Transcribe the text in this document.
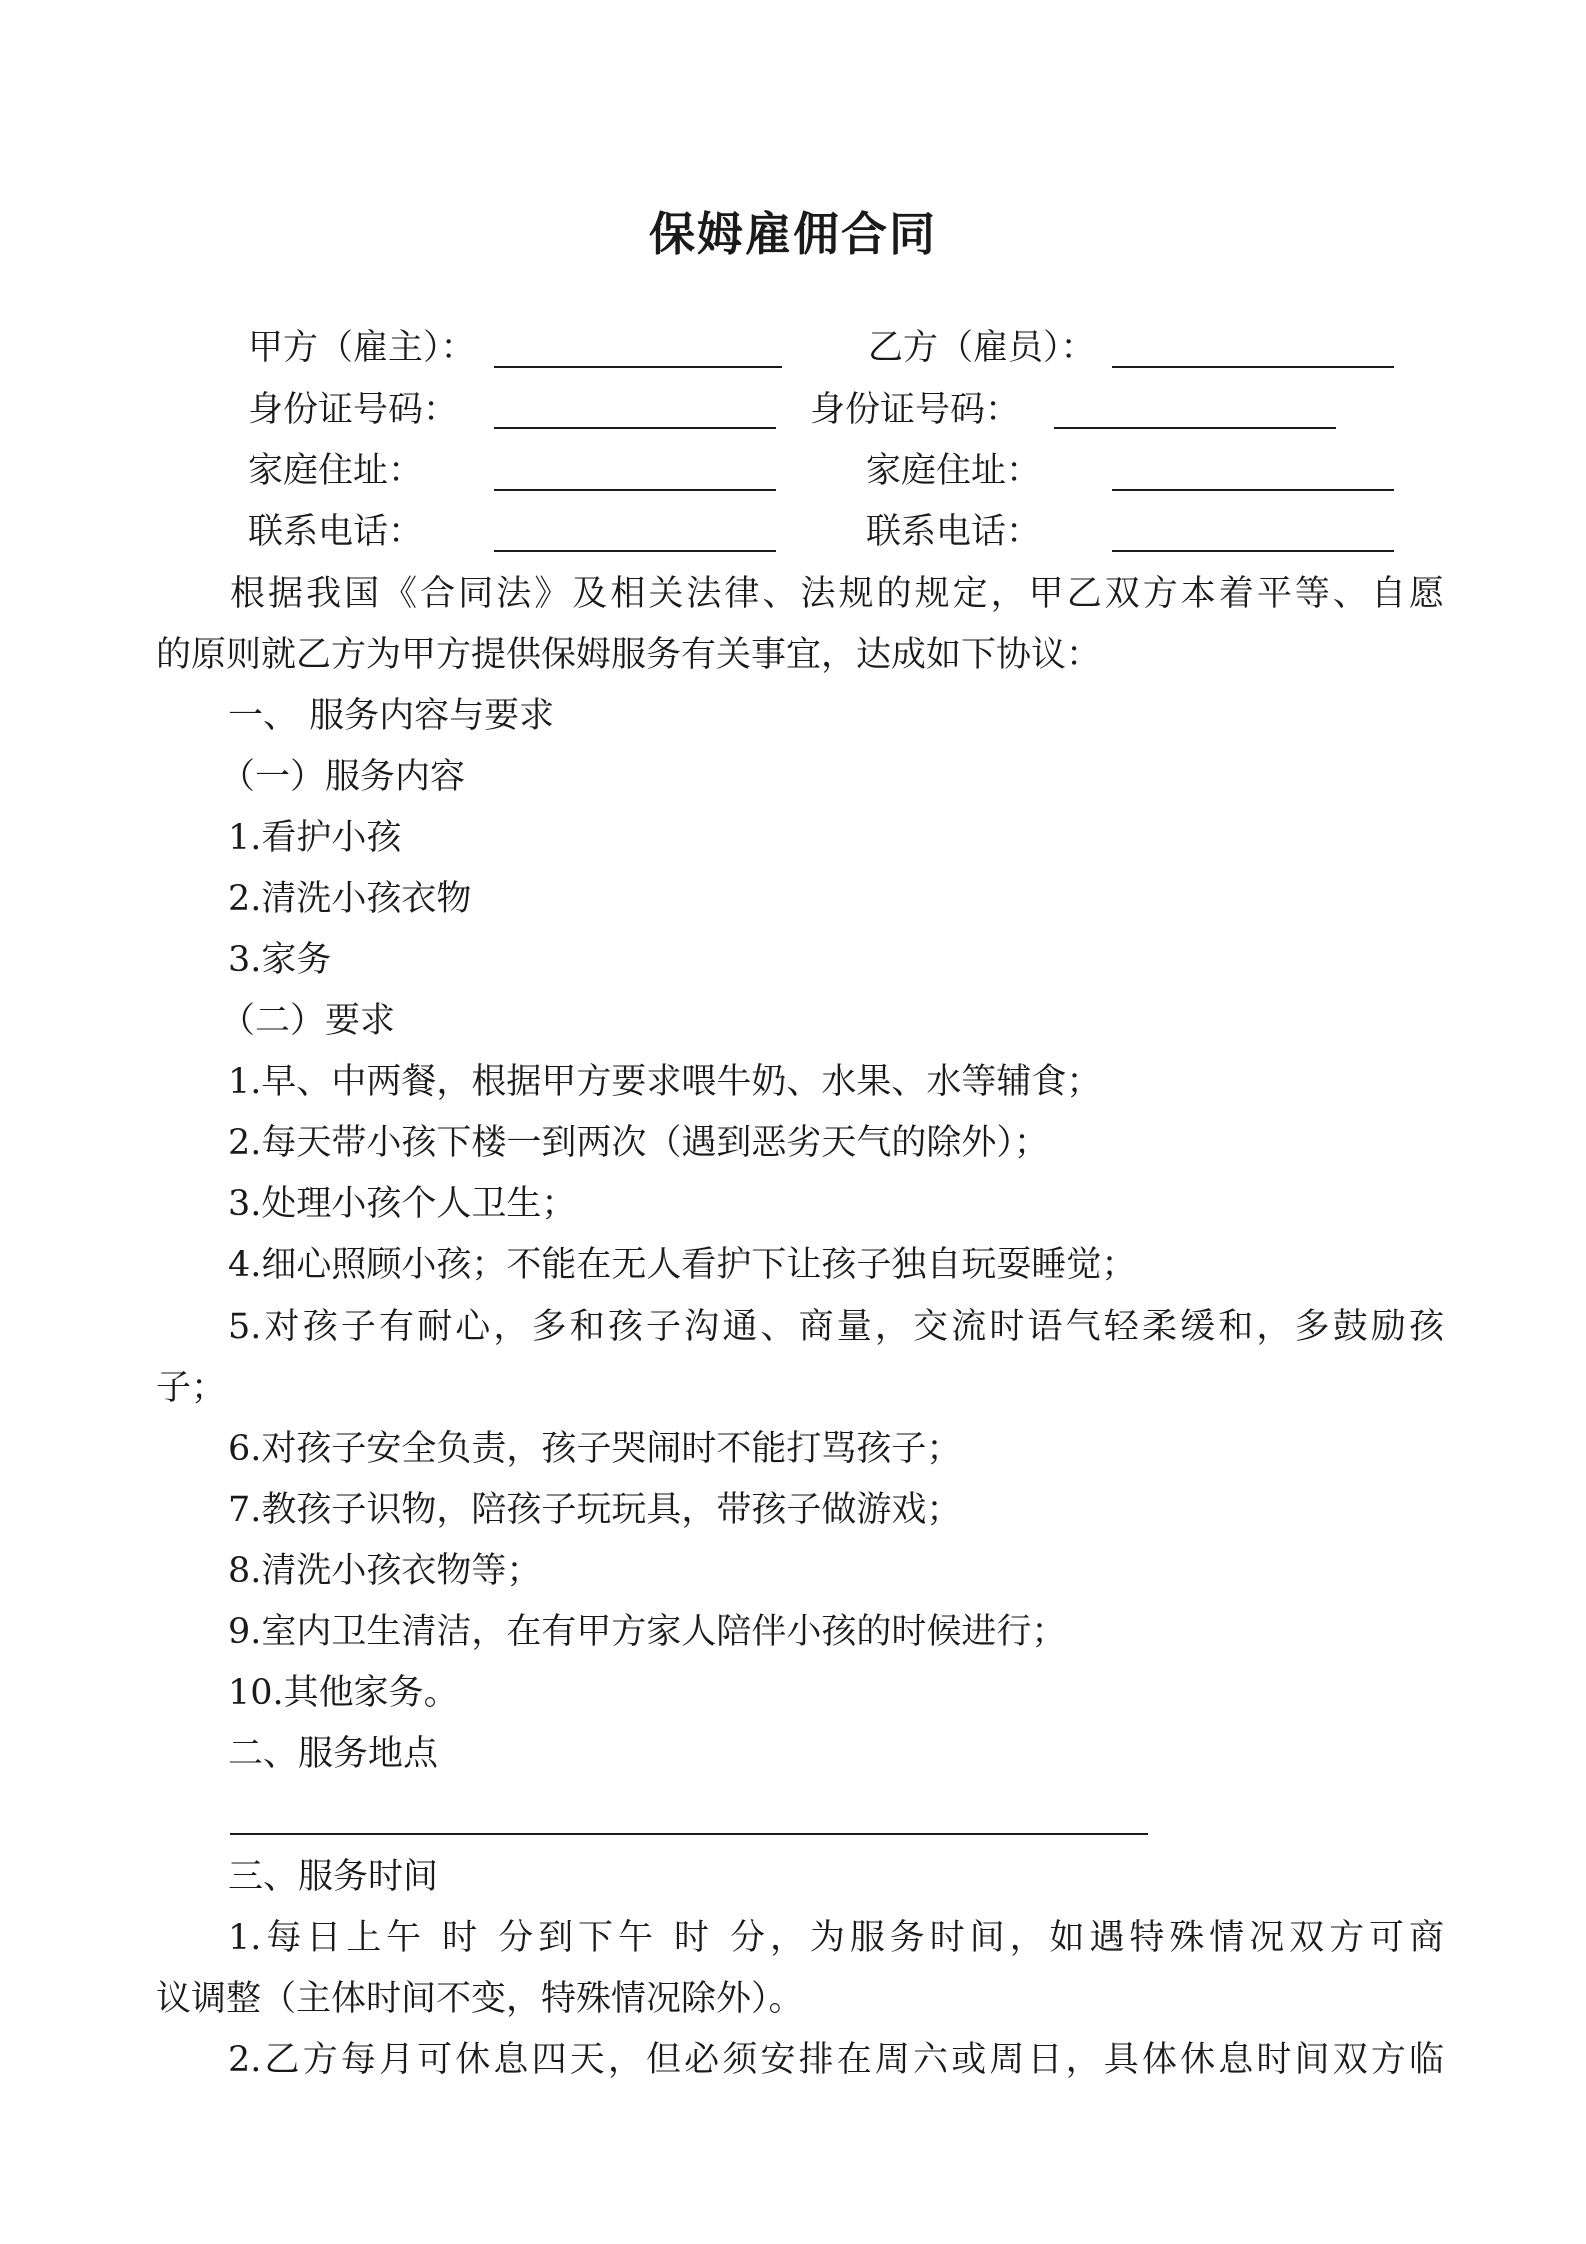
保姆雇佣合同
甲方（雇主）：	乙方（雇员）：
身份证号码：	身份证号码：
家庭住址：	家庭住址：
联系电话：	联系电话：
根据我国《合同法》及相关法律、法规的规定，甲乙双方本着平等、自愿
的原则就乙方为甲方提供保姆服务有关事宜，达成如下协议：
一、 服务内容与要求
（一）服务内容
1.看护小孩
2.清洗小孩衣物
3.家务
（二）要求
1.早、中两餐，根据甲方要求喂牛奶、水果、水等辅食；
2.每天带小孩下楼一到两次（遇到恶劣天气的除外）；
3.处理小孩个人卫生；
4.细心照顾小孩；不能在无人看护下让孩子独自玩耍睡觉；
5.对孩子有耐心，多和孩子沟通、商量，交流时语气轻柔缓和，多鼓励孩
子；
6.对孩子安全负责，孩子哭闹时不能打骂孩子；
7.教孩子识物，陪孩子玩玩具，带孩子做游戏；
8.清洗小孩衣物等；
9.室内卫生清洁，在有甲方家人陪伴小孩的时候进行；
10.其他家务。
二、服务地点
三、服务时间
1.每日上午 时 分到下午 时 分，为服务时间，如遇特殊情况双方可商
议调整（主体时间不变，特殊情况除外）。
2.乙方每月可休息四天，但必须安排在周六或周日，具体休息时间双方临
